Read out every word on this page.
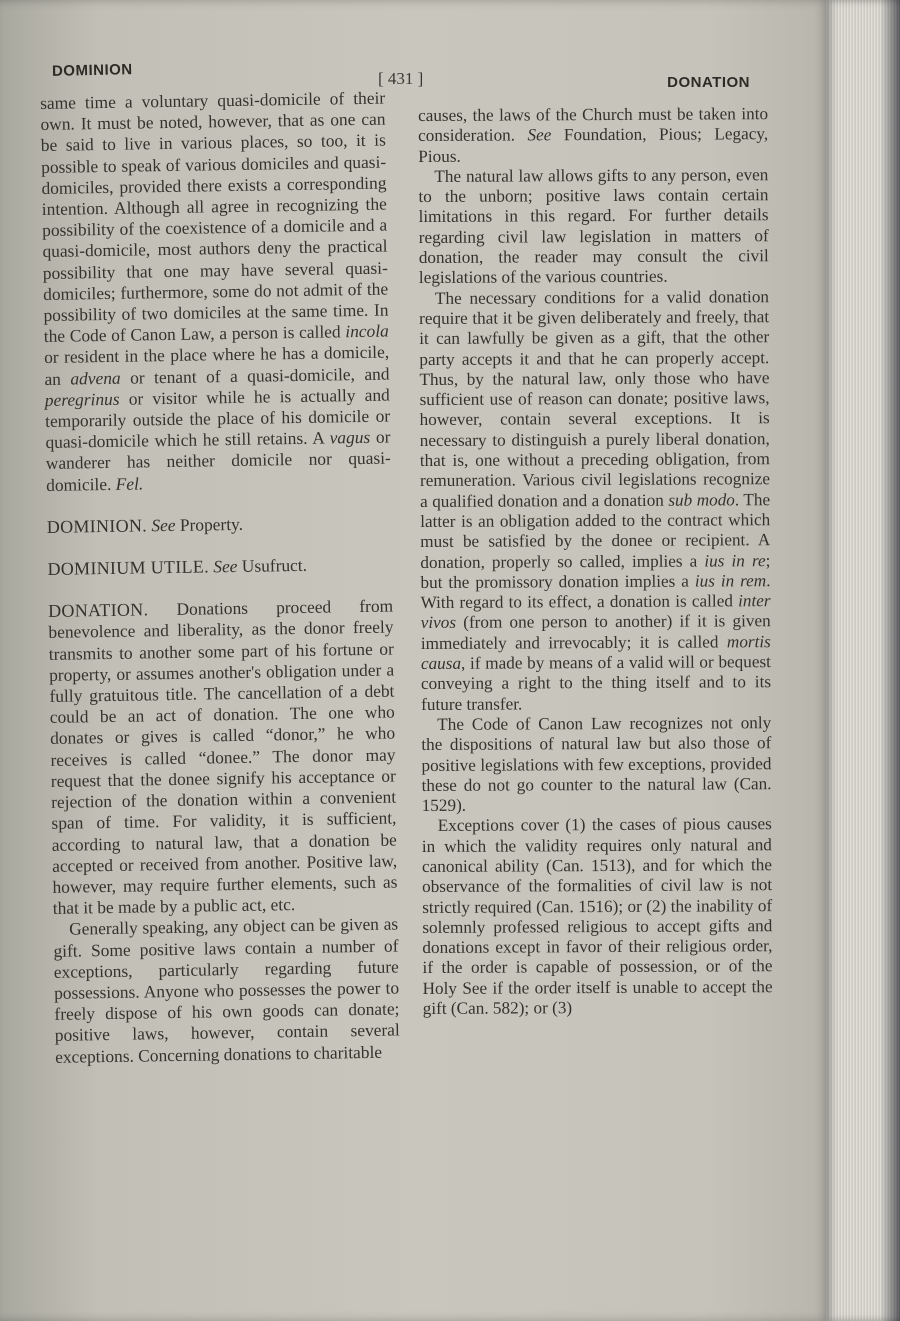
DOMINION	[ 431 ]	DONATION

same time a voluntary quasi-domicile of their own. It must be noted, however, that as one can be said to live in various places, so too, it is possible to speak of various domiciles and quasi-domiciles, provided there exists a corresponding intention. Although all agree in recognizing the possibility of the coexistence of a domicile and a quasi-domicile, most authors deny the practical possibility that one may have several quasi-domiciles; furthermore, some do not admit of the possibility of two domiciles at the same time. In the Code of Canon Law, a person is called incola or resident in the place where he has a domicile, an advena or tenant of a quasi-domicile, and peregrinus or visitor while he is actually and temporarily outside the place of his domicile or quasi-domicile which he still retains. A vagus or wanderer has neither domicile nor quasi-domicile. Fel.

DOMINION. See Property.

DOMINIUM UTILE. See Usufruct.

DONATION. Donations proceed from benevolence and liberality, as the donor freely transmits to another some part of his fortune or property, or assumes another's obligation under a fully gratuitous title. The cancellation of a debt could be an act of donation. The one who donates or gives is called “donor,” he who receives is called “donee.” The donor may request that the donee signify his acceptance or rejection of the donation within a convenient span of time. For validity, it is sufficient, according to natural law, that a donation be accepted or received from another. Positive law, however, may require further elements, such as that it be made by a public act, etc.

Generally speaking, any object can be given as gift. Some positive laws contain a number of exceptions, particularly regarding future possessions. Anyone who possesses the power to freely dispose of his own goods can donate; positive laws, however, contain several exceptions. Concerning donations to charitable

causes, the laws of the Church must be taken into consideration. See Foundation, Pious; Legacy, Pious.

The natural law allows gifts to any person, even to the unborn; positive laws contain certain limitations in this regard. For further details regarding civil law legislation in matters of donation, the reader may consult the civil legislations of the various countries.

The necessary conditions for a valid donation require that it be given deliberately and freely, that it can lawfully be given as a gift, that the other party accepts it and that he can properly accept. Thus, by the natural law, only those who have sufficient use of reason can donate; positive laws, however, contain several exceptions. It is necessary to distinguish a purely liberal donation, that is, one without a preceding obligation, from remuneration. Various civil legislations recognize a qualified donation and a donation sub modo. The latter is an obligation added to the contract which must be satisfied by the donee or recipient. A donation, properly so called, implies a ius in re; but the promissory donation implies a ius in rem. With regard to its effect, a donation is called inter vivos (from one person to another) if it is given immediately and irrevocably; it is called mortis causa, if made by means of a valid will or bequest conveying a right to the thing itself and to its future transfer.

The Code of Canon Law recognizes not only the dispositions of natural law but also those of positive legislations with few exceptions, provided these do not go counter to the natural law (Can. 1529).

Exceptions cover (1) the cases of pious causes in which the validity requires only natural and canonical ability (Can. 1513), and for which the observance of the formalities of civil law is not strictly required (Can. 1516); or (2) the inability of solemnly professed religious to accept gifts and donations except in favor of their religious order, if the order is capable of possession, or of the Holy See if the order itself is unable to accept the gift (Can. 582); or (3)
